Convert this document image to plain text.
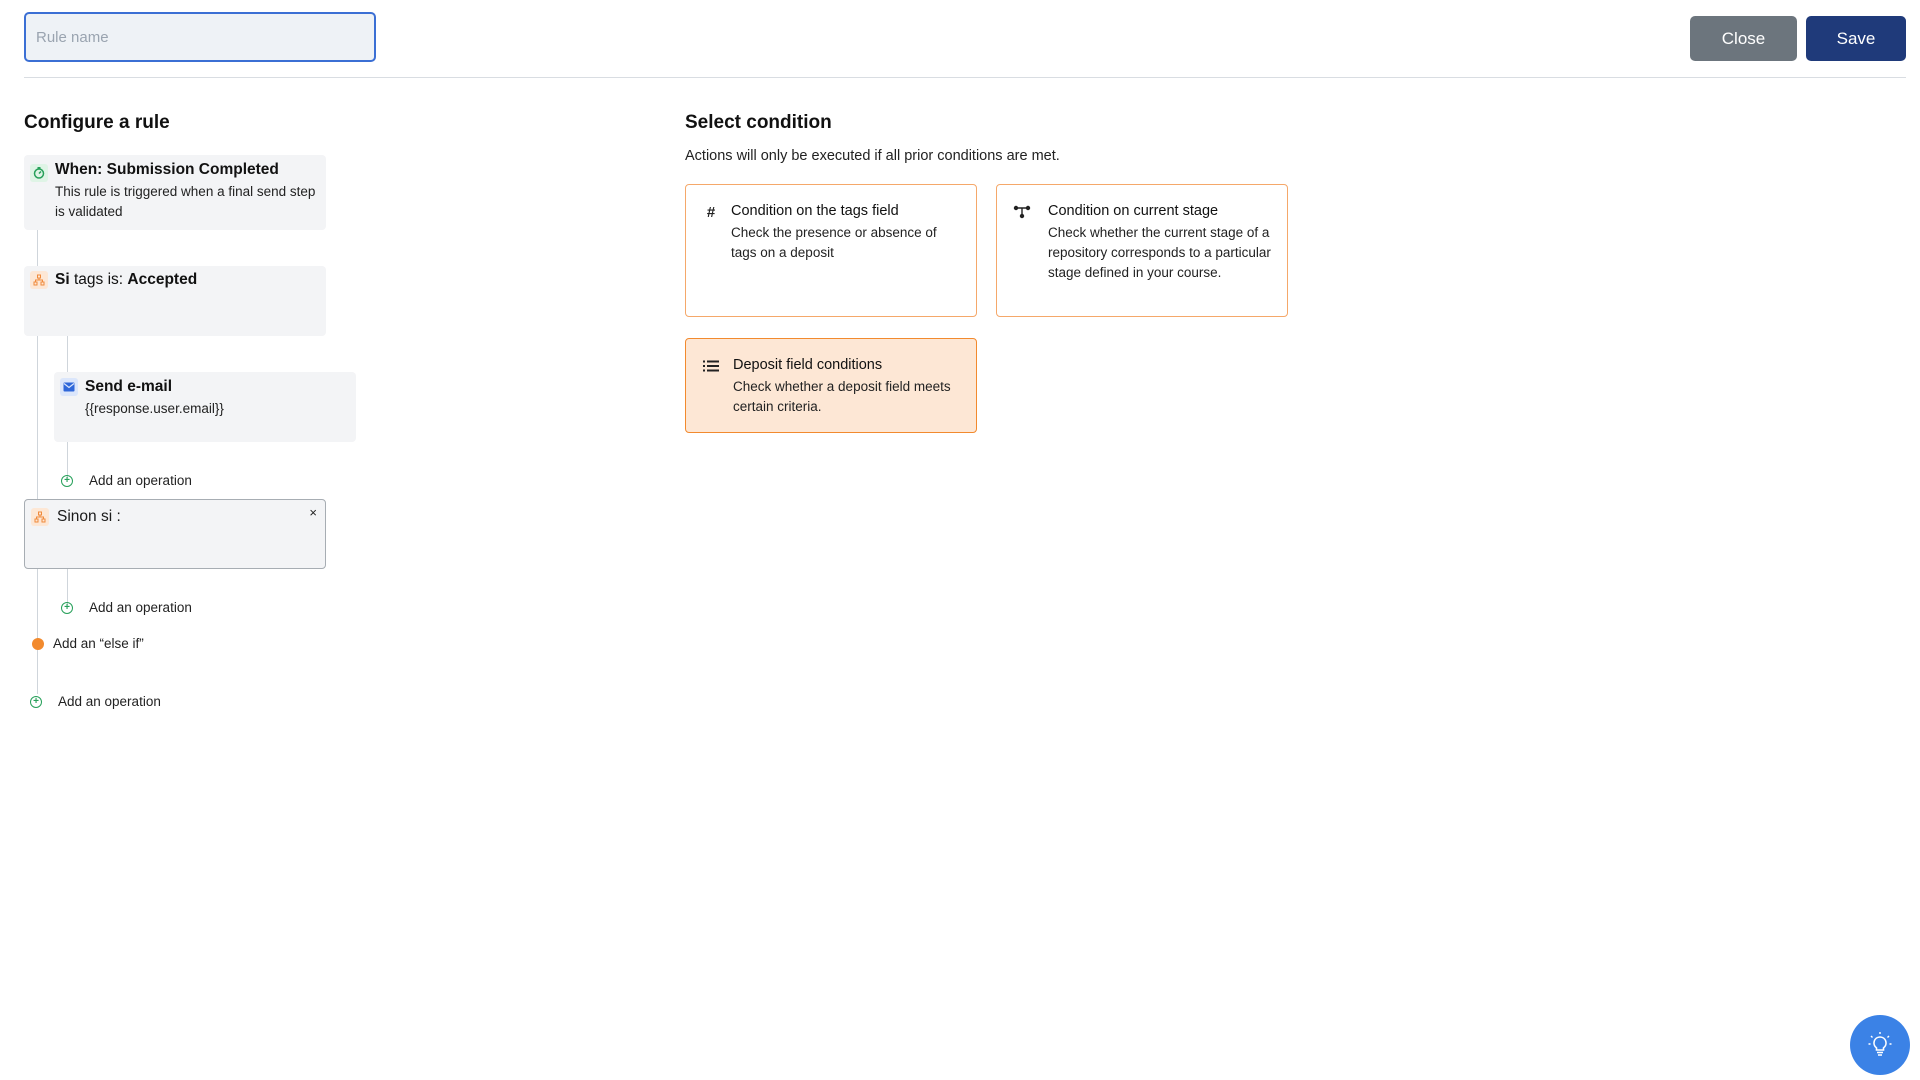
Rule name
Close	Save
Configure a rule
When: Submission Completed
This rule is triggered when a final send step is validated
Si tags is: Accepted
Send e-mail
{{response.user.email}}
+ Add an operation
Sinon si :	×
+ Add an operation
Add an “else if”
+ Add an operation
Select condition
Actions will only be executed if all prior conditions are met.
#	Condition on the tags field
Check the presence or absence of tags on a deposit
Condition on current stage
Check whether the current stage of a repository corresponds to a particular stage defined in your course.
Deposit field conditions
Check whether a deposit field meets certain criteria.
